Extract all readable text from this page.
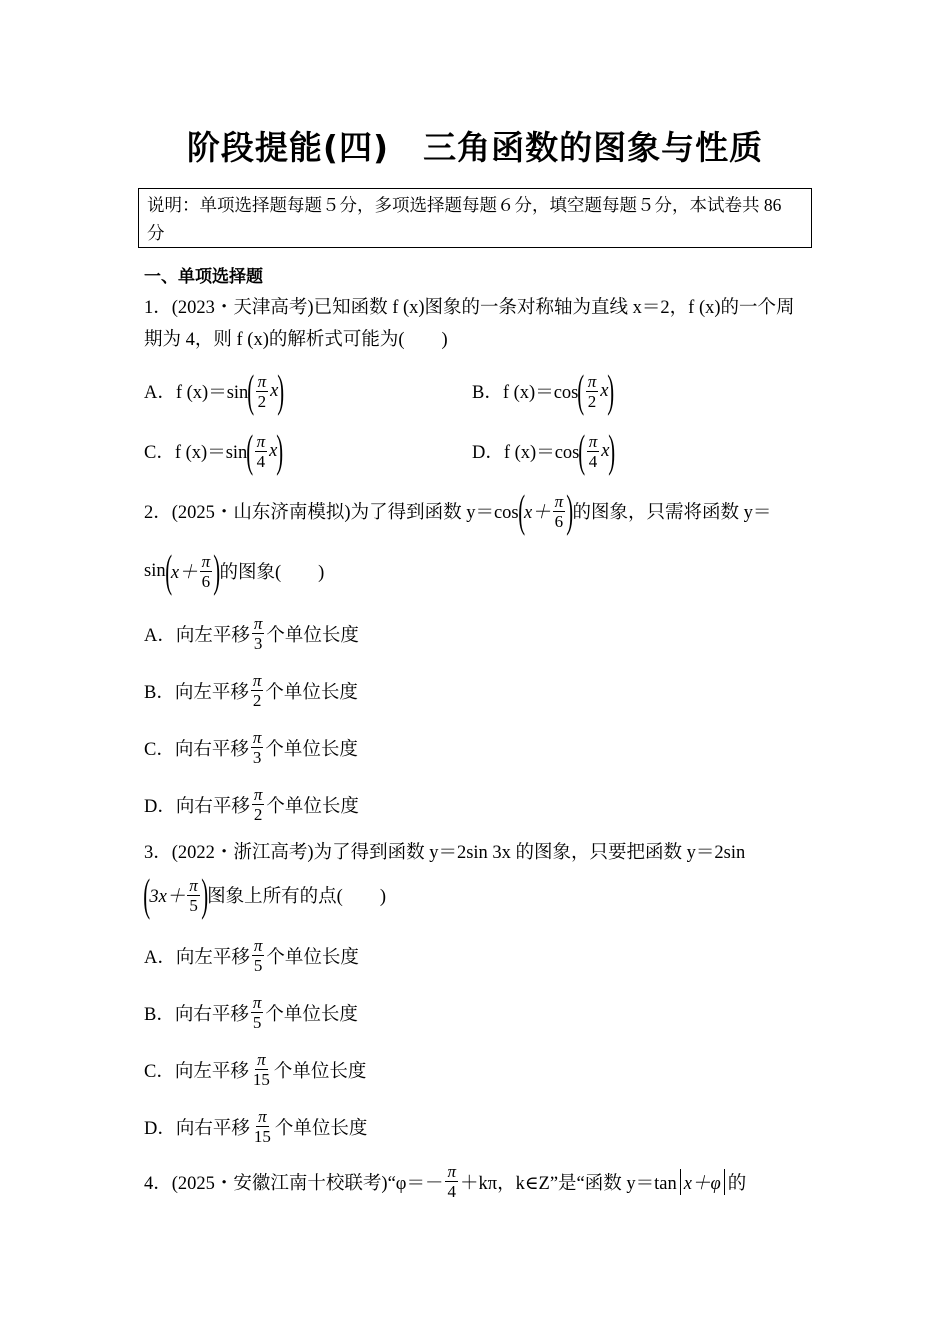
阶段提能(四)　三角函数的图象与性质
说明：单项选择题每题５分，多项选择题每题６分，填空题每题５分，本试卷共 86 分
一、单项选择题
1．(2023・天津高考)已知函数 f (x)图象的一条对称轴为直线 x＝2，f (x)的一个周期为 4，则 f (x)的解析式可能为(　　)
A．f (x)＝sin ( $\frac{\pi}{2}$ x )	B．f (x)＝cos ( $\frac{\pi}{2}$ x )
C．f (x)＝sin ( $\frac{\pi}{4}$ x )	D．f (x)＝cos ( $\frac{\pi}{4}$ x )
2．(2025・山东济南模拟)为了得到函数 y＝cos ( $x+ \frac{\pi}{6}$ ) 的图象，只需将函数 y＝
sin ( $x+ \frac{\pi}{6}$ ) 的图象(　　)
A．向左平移 $\frac{\pi}{3}$ 个单位长度
B．向左平移 $\frac{\pi}{2}$ 个单位长度
C．向右平移 $\frac{\pi}{3}$ 个单位长度
D．向右平移 $\frac{\pi}{2}$ 个单位长度
3．(2022・浙江高考)为了得到函数 y＝2sin 3x 的图象，只要把函数 y＝2sin
( $3x+ \frac{\pi}{5}$ ) 图象上所有的点(　　)
A．向左平移 $\frac{\pi}{5}$ 个单位长度
B．向右平移 $\frac{\pi}{5}$ 个单位长度
C．向左平移 $\frac{\pi}{15}$ 个单位长度
D．向右平移 $\frac{\pi}{15}$ 个单位长度
4．(2025・安徽江南十校联考)“φ＝－ $\frac{\pi}{4} +k\pi$，k∈Z”是“函数 y＝tan x＋φ 的
